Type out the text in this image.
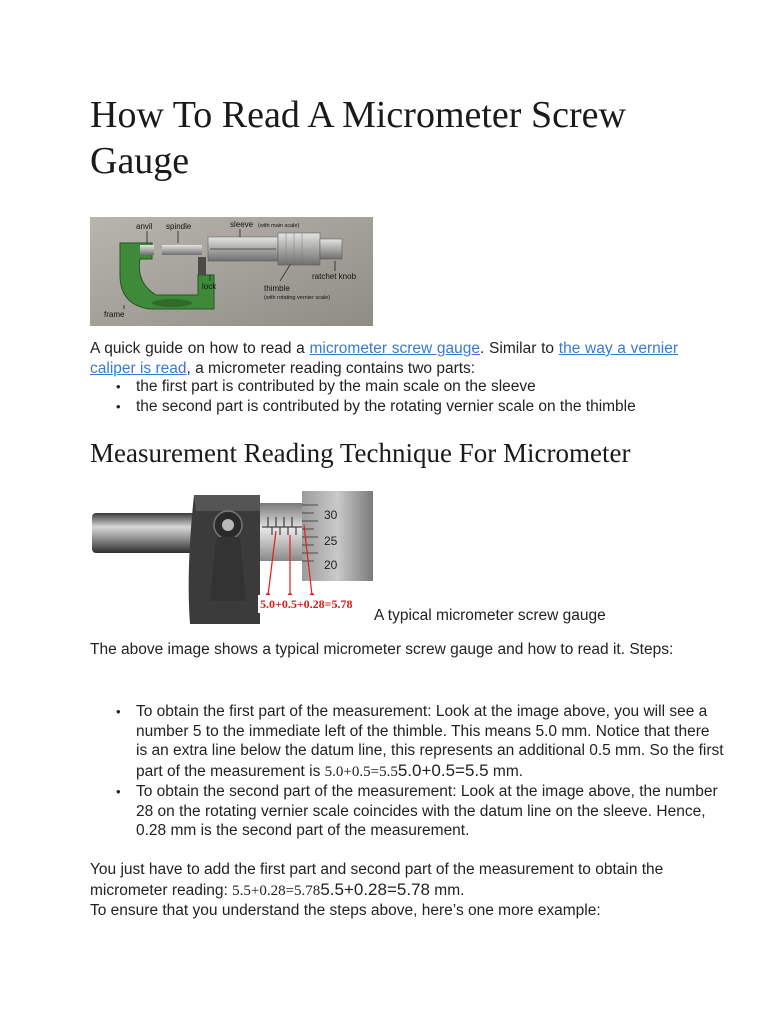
How To Read A Micrometer Screw Gauge
anvil spindle	sleeve (with main scale)
ratchet knob
lock	thimble
(with rotating vernier scale)
frame

A quick guide on how to read a micrometer screw gauge. Similar to the way a vernier caliper is read, a micrometer reading contains two parts:

• the first part is contributed by the main scale on the sleeve
• the second part is contributed by the rotating vernier scale on the thimble
Measurement Reading Technique For Micrometer
30
25
20
5.0+0.5+0.28=5.78
A typical micrometer screw gauge

The above image shows a typical micrometer screw gauge and how to read it. Steps:

• To obtain the first part of the measurement: Look at the image above, you will see a number 5 to the immediate left of the thimble. This means 5.0 mm. Notice that there is an extra line below the datum line, this represents an additional 0.5 mm. So the first part of the measurement is 5.0+0.5=5.55.0+0.5=5.5 mm.
• To obtain the second part of the measurement: Look at the image above, the number 28 on the rotating vernier scale coincides with the datum line on the sleeve. Hence, 0.28 mm is the second part of the measurement.

You just have to add the first part and second part of the measurement to obtain the micrometer reading: 5.5+0.28=5.785.5+0.28=5.78 mm.

To ensure that you understand the steps above, here’s one more example:
